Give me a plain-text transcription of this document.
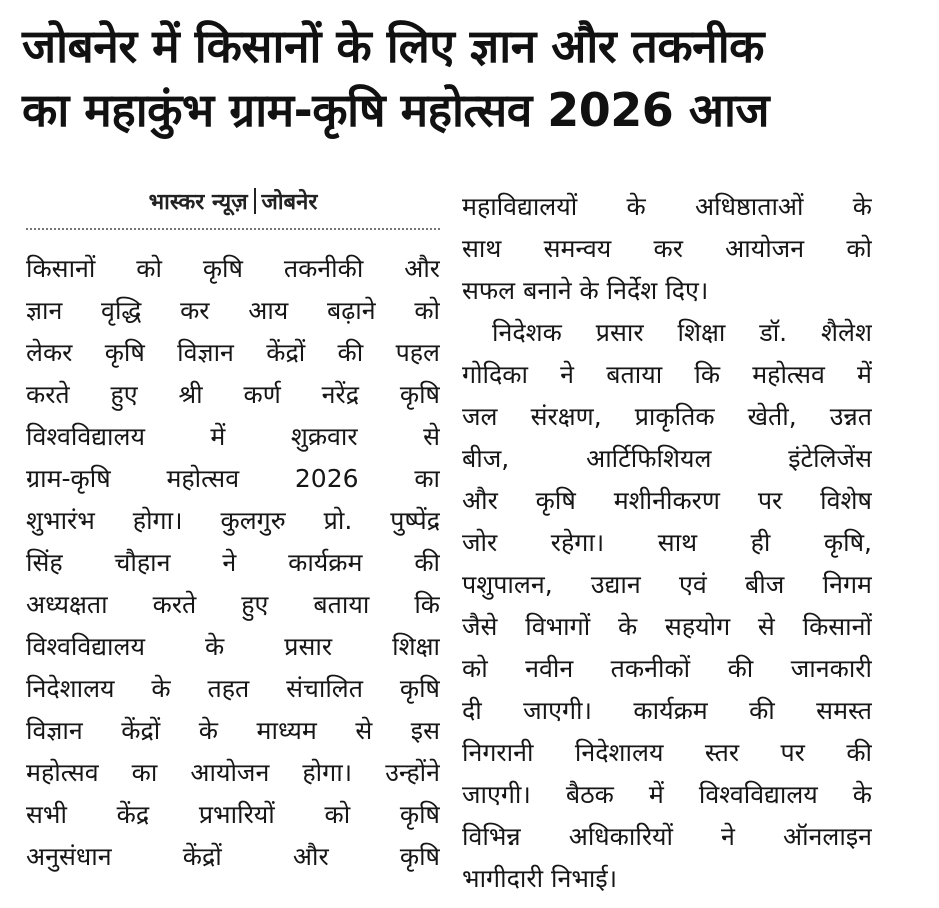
जोबनेर में किसानों के लिए ज्ञान और तकनीक
का महाकुंभ ग्राम-कृषि महोत्सव 2026 आज
भास्कर न्यूज़ जोबनेर
किसानों को कृषि तकनीकी और
ज्ञान वृद्धि कर आय बढ़ाने को
लेकर कृषि विज्ञान केंद्रों की पहल
करते हुए श्री कर्ण नरेंद्र कृषि
विश्वविद्यालय में शुक्रवार से
ग्राम-कृषि महोत्सव 2026 का
शुभारंभ होगा। कुलगुरु प्रो. पुष्पेंद्र
सिंह चौहान ने कार्यक्रम की
अध्यक्षता करते हुए बताया कि
विश्वविद्यालय के प्रसार शिक्षा
निदेशालय के तहत संचालित कृषि
विज्ञान केंद्रों के माध्यम से इस
महोत्सव का आयोजन होगा। उन्होंने
सभी केंद्र प्रभारियों को कृषि
अनुसंधान केंद्रों और कृषि
महाविद्यालयों के अधिष्ठाताओं के
साथ समन्वय कर आयोजन को
सफल बनाने के निर्देश दिए।
निदेशक प्रसार शिक्षा डॉ. शैलेश
गोदिका ने बताया कि महोत्सव में
जल संरक्षण, प्राकृतिक खेती, उन्नत
बीज, आर्टिफिशियल इंटेलिजेंस
और कृषि मशीनीकरण पर विशेष
जोर रहेगा। साथ ही कृषि,
पशुपालन, उद्यान एवं बीज निगम
जैसे विभागों के सहयोग से किसानों
को नवीन तकनीकों की जानकारी
दी जाएगी। कार्यक्रम की समस्त
निगरानी निदेशालय स्तर पर की
जाएगी। बैठक में विश्वविद्यालय के
विभिन्न अधिकारियों ने ऑनलाइन
भागीदारी निभाई।
